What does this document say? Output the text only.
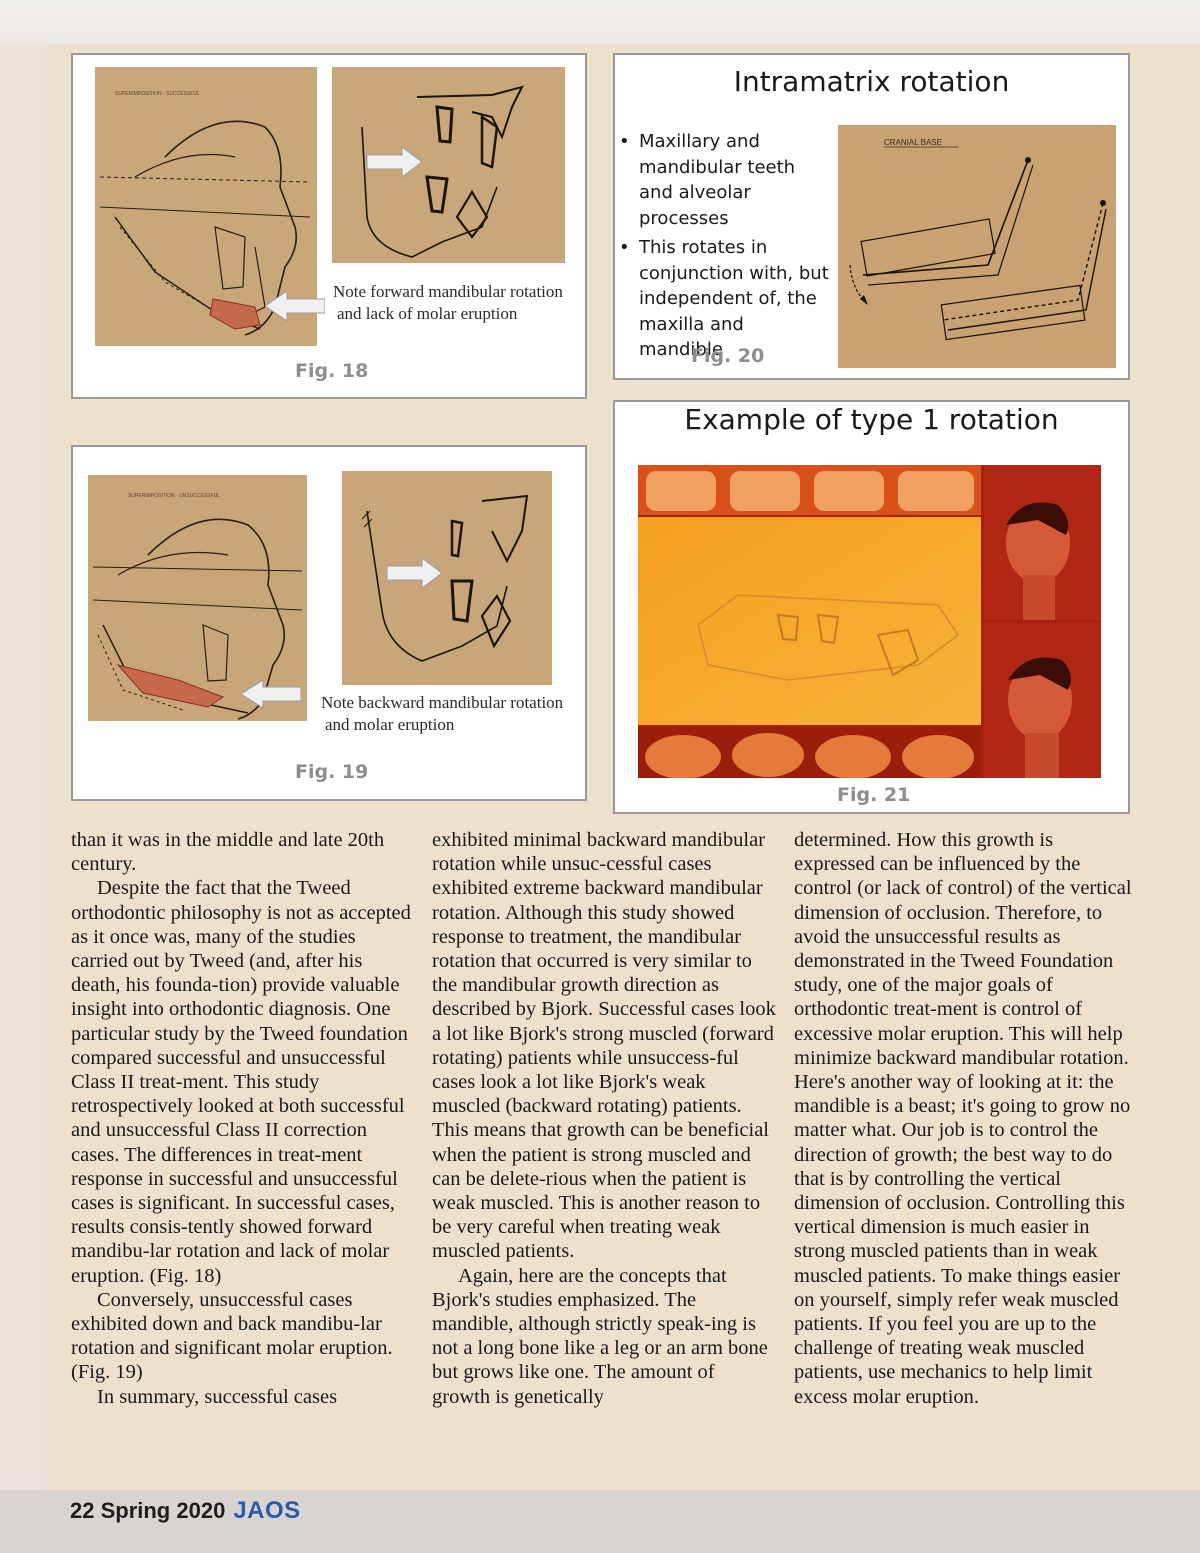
SUPERIMPOSITION - SUCCESSFUL
Note forward mandibular rotation
and lack of molar eruption
Fig. 18
Intramatrix rotation
• Maxillary and mandibular teeth and alveolar processes
• This rotates in conjunction with, but independent of, the maxilla and mandible
CRANIAL BASE
Fig. 20
SUPERIMPOSITION - UNSUCCESSFUL
Note backward mandibular rotation
and molar eruption
Fig. 19
Example of type 1 rotation
Fig. 21

than it was in the middle and late 20th century.

Despite the fact that the Tweed orthodontic philosophy is not as accepted as it once was, many of the studies carried out by Tweed (and, after his death, his founda-tion) provide valuable insight into orthodontic diagnosis. One particular study by the Tweed foundation compared successful and unsuccessful Class II treat-ment. This study retrospectively looked at both successful and unsuccessful Class II correction cases. The differences in treat-ment response in successful and unsuccessful cases is significant. In successful cases, results consis-tently showed forward mandibu-lar rotation and lack of molar eruption. (Fig. 18)

Conversely, unsuccessful cases exhibited down and back mandibu-lar rotation and significant molar eruption. (Fig. 19)

In summary, successful cases

exhibited minimal backward mandibular rotation while unsuc-cessful cases exhibited extreme backward mandibular rotation. Although this study showed response to treatment, the mandibular rotation that occurred is very similar to the mandibular growth direction as described by Bjork. Successful cases look a lot like Bjork's strong muscled (forward rotating) patients while unsuccess-ful cases look a lot like Bjork's weak muscled (backward rotating) patients. This means that growth can be beneficial when the patient is strong muscled and can be delete-rious when the patient is weak muscled. This is another reason to be very careful when treating weak muscled patients.

Again, here are the concepts that Bjork's studies emphasized. The mandible, although strictly speak-ing is not a long bone like a leg or an arm bone but grows like one. The amount of growth is genetically

determined. How this growth is expressed can be influenced by the control (or lack of control) of the vertical dimension of occlusion. Therefore, to avoid the unsuccessful results as demonstrated in the Tweed Foundation study, one of the major goals of orthodontic treat-ment is control of excessive molar eruption. This will help minimize backward mandibular rotation. Here's another way of looking at it: the mandible is a beast; it's going to grow no matter what. Our job is to control the direction of growth; the best way to do that is by controlling the vertical dimension of occlusion. Controlling this vertical dimension is much easier in strong muscled patients than in weak muscled patients. To make things easier on yourself, simply refer weak muscled patients. If you feel you are up to the challenge of treating weak muscled patients, use mechanics to help limit excess molar eruption.

22 Spring 2020 JAOS
